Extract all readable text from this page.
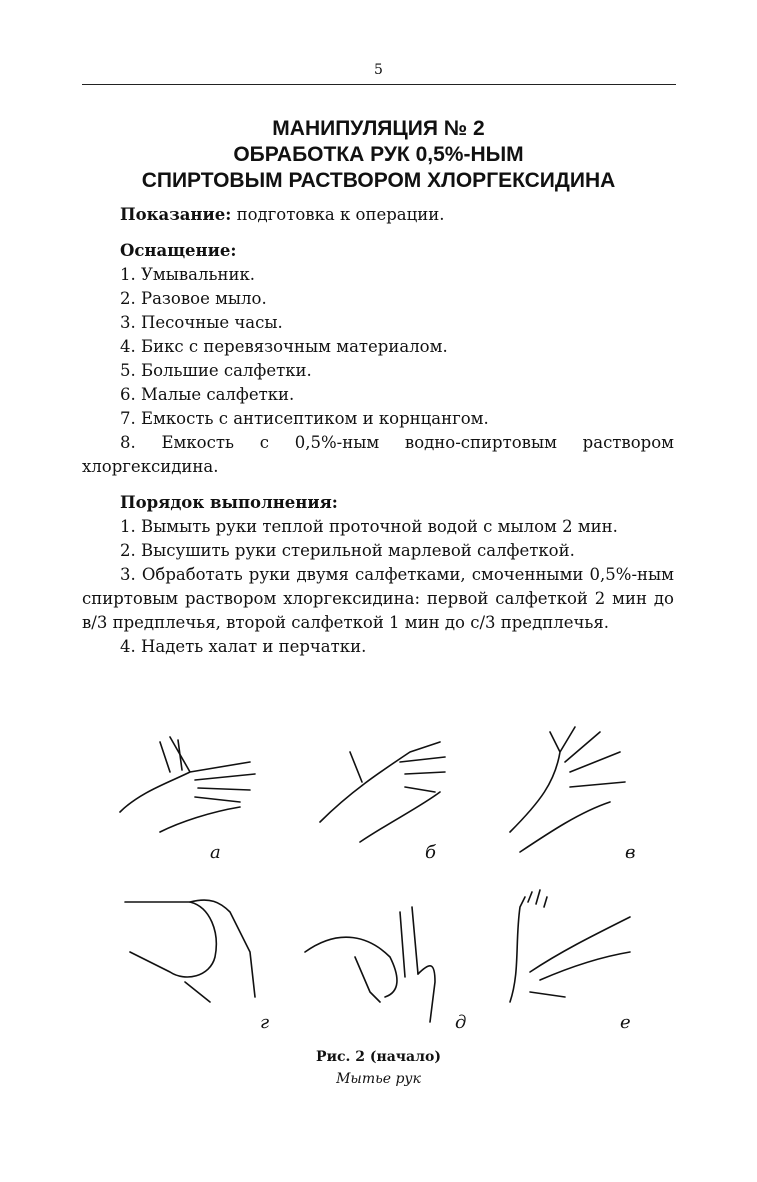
5
МАНИПУЛЯЦИЯ № 2
ОБРАБОТКА РУК 0,5%-НЫМ
СПИРТОВЫМ РАСТВОРОМ ХЛОРГЕКСИДИНА
Показание: подготовка к операции.
Оснащение:
1. Умывальник.
2. Разовое мыло.
3. Песочные часы.
4. Бикс с перевязочным материалом.
5. Большие салфетки.
6. Малые салфетки.
7. Емкость с антисептиком и корнцангом.
8. Емкость с 0,5%-ным водно-спиртовым раствором хлоргексидина.
Порядок выполнения:
1. Вымыть руки теплой проточной водой с мылом 2 мин.
2. Высушить руки стерильной марлевой салфеткой.
3. Обработать руки двумя салфетками, смоченными 0,5%-ным спиртовым раствором хлоргексидина: первой салфеткой 2 мин до в/3 предплечья, второй салфеткой 1 мин до с/3 предплечья.
4. Надеть халат и перчатки.
а	б	в
г	д	е
Рис. 2 (начало)
Мытье рук
